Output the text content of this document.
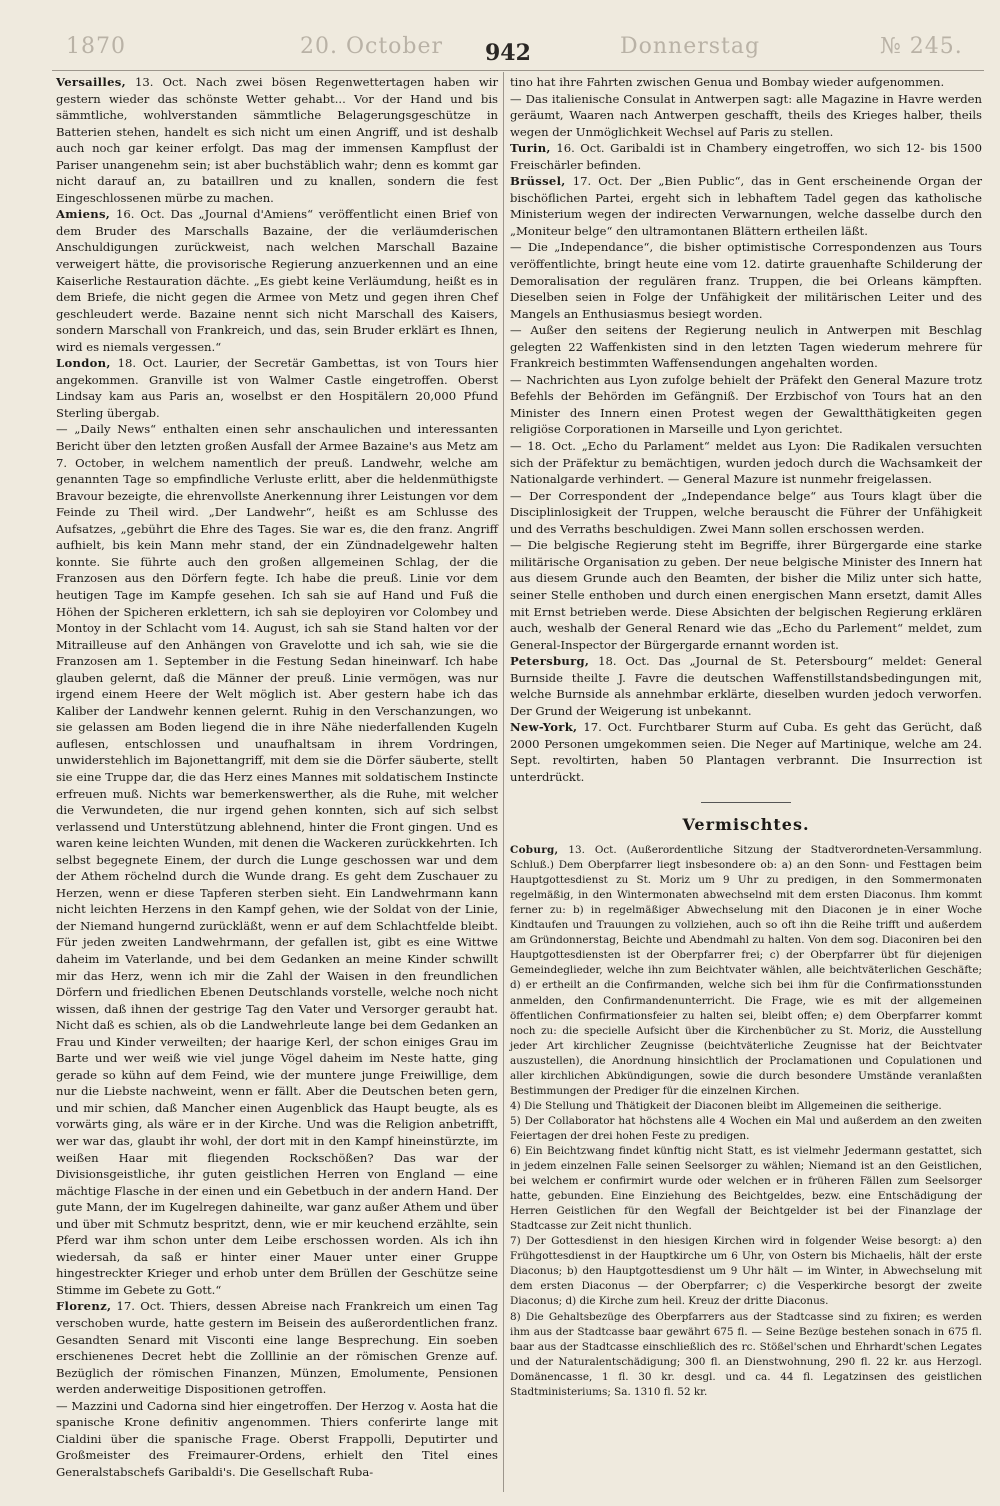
1870	20. October	Donnerstag	№ 245.
942

Versailles, 13. Oct. Nach zwei bösen Regenwettertagen haben wir gestern wieder das schönste Wetter gehabt... Vor der Hand und bis sämmtliche, wohlverstanden sämmtliche Belagerungsgeschütze in Batterien stehen, handelt es sich nicht um einen Angriff, und ist deshalb auch noch gar keiner erfolgt. Das mag der immensen Kampflust der Pariser unangenehm sein; ist aber buchstäblich wahr; denn es kommt gar nicht darauf an, zu bataillren und zu knallen, sondern die fest Eingeschlossenen mürbe zu machen.

Amiens, 16. Oct. Das „Journal d'Amiens“ veröffentlicht einen Brief von dem Bruder des Marschalls Bazaine, der die verläumderischen Anschuldigungen zurückweist, nach welchen Marschall Bazaine verweigert hätte, die provisorische Regierung anzuerkennen und an eine Kaiserliche Restauration dächte. „Es giebt keine Verläumdung, heißt es in dem Briefe, die nicht gegen die Armee von Metz und gegen ihren Chef geschleudert werde. Bazaine nennt sich nicht Marschall des Kaisers, sondern Marschall von Frankreich, und das, sein Bruder erklärt es Ihnen, wird es niemals vergessen.“

London, 18. Oct. Laurier, der Secretär Gambettas, ist von Tours hier angekommen. Granville ist von Walmer Castle eingetroffen. Oberst Lindsay kam aus Paris an, woselbst er den Hospitälern 20,000 Pfund Sterling übergab.

— „Daily News“ enthalten einen sehr anschaulichen und interessanten Bericht über den letzten großen Ausfall der Armee Bazaine's aus Metz am 7. October, in welchem namentlich der preuß. Landwehr, welche am genannten Tage so empfindliche Verluste erlitt, aber die heldenmüthigste Bravour bezeigte, die ehrenvollste Anerkennung ihrer Leistungen vor dem Feinde zu Theil wird. „Der Landwehr“, heißt es am Schlusse des Aufsatzes, „gebührt die Ehre des Tages. Sie war es, die den franz. Angriff aufhielt, bis kein Mann mehr stand, der ein Zündnadelgewehr halten konnte. Sie führte auch den großen allgemeinen Schlag, der die Franzosen aus den Dörfern fegte. Ich habe die preuß. Linie vor dem heutigen Tage im Kampfe gesehen. Ich sah sie auf Hand und Fuß die Höhen der Spicheren erklettern, ich sah sie deployiren vor Colombey und Montoy in der Schlacht vom 14. August, ich sah sie Stand halten vor der Mitrailleuse auf den Anhängen von Gravelotte und ich sah, wie sie die Franzosen am 1. September in die Festung Sedan hineinwarf. Ich habe glauben gelernt, daß die Männer der preuß. Linie vermögen, was nur irgend einem Heere der Welt möglich ist. Aber gestern habe ich das Kaliber der Landwehr kennen gelernt. Ruhig in den Verschanzungen, wo sie gelassen am Boden liegend die in ihre Nähe niederfallenden Kugeln auflesen, entschlossen und unaufhaltsam in ihrem Vordringen, unwiderstehlich im Bajonettangriff, mit dem sie die Dörfer säuberte, stellt sie eine Truppe dar, die das Herz eines Mannes mit soldatischem Instincte erfreuen muß. Nichts war bemerkenswerther, als die Ruhe, mit welcher die Verwundeten, die nur irgend gehen konnten, sich auf sich selbst verlassend und Unterstützung ablehnend, hinter die Front gingen. Und es waren keine leichten Wunden, mit denen die Wackeren zurückkehrten. Ich selbst begegnete Einem, der durch die Lunge geschossen war und dem der Athem röchelnd durch die Wunde drang. Es geht dem Zuschauer zu Herzen, wenn er diese Tapferen sterben sieht. Ein Landwehrmann kann nicht leichten Herzens in den Kampf gehen, wie der Soldat von der Linie, der Niemand hungernd zurückläßt, wenn er auf dem Schlachtfelde bleibt. Für jeden zweiten Landwehrmann, der gefallen ist, gibt es eine Wittwe daheim im Vaterlande, und bei dem Gedanken an meine Kinder schwillt mir das Herz, wenn ich mir die Zahl der Waisen in den freundlichen Dörfern und friedlichen Ebenen Deutschlands vorstelle, welche noch nicht wissen, daß ihnen der gestrige Tag den Vater und Versorger geraubt hat. Nicht daß es schien, als ob die Landwehrleute lange bei dem Gedanken an Frau und Kinder verweilten; der haarige Kerl, der schon einiges Grau im Barte und wer weiß wie viel junge Vögel daheim im Neste hatte, ging gerade so kühn auf dem Feind, wie der muntere junge Freiwillige, dem nur die Liebste nachweint, wenn er fällt. Aber die Deutschen beten gern, und mir schien, daß Mancher einen Augenblick das Haupt beugte, als es vorwärts ging, als wäre er in der Kirche. Und was die Religion anbetrifft, wer war das, glaubt ihr wohl, der dort mit in den Kampf hineinstürzte, im weißen Haar mit fliegenden Rockschößen? Das war der Divisionsgeistliche, ihr guten geistlichen Herren von England — eine mächtige Flasche in der einen und ein Gebetbuch in der andern Hand. Der gute Mann, der im Kugelregen dahineilte, war ganz außer Athem und über und über mit Schmutz bespritzt, denn, wie er mir keuchend erzählte, sein Pferd war ihm schon unter dem Leibe erschossen worden. Als ich ihn wiedersah, da saß er hinter einer Mauer unter einer Gruppe hingestreckter Krieger und erhob unter dem Brüllen der Geschütze seine Stimme im Gebete zu Gott.“

Florenz, 17. Oct. Thiers, dessen Abreise nach Frankreich um einen Tag verschoben wurde, hatte gestern im Beisein des außerordentlichen franz. Gesandten Senard mit Visconti eine lange Besprechung. Ein soeben erschienenes Decret hebt die Zolllinie an der römischen Grenze auf. Bezüglich der römischen Finanzen, Münzen, Emolumente, Pensionen werden anderweitige Dispositionen getroffen.

— Mazzini und Cadorna sind hier eingetroffen. Der Herzog v. Aosta hat die spanische Krone definitiv angenommen. Thiers conferirte lange mit Cialdini über die spanische Frage. Oberst Frappolli, Deputirter und Großmeister des Freimaurer-Ordens, erhielt den Titel eines Generalstabschefs Garibaldi's. Die Gesellschaft Ruba-

tino hat ihre Fahrten zwischen Genua und Bombay wieder aufgenommen.

— Das italienische Consulat in Antwerpen sagt: alle Magazine in Havre werden geräumt, Waaren nach Antwerpen geschafft, theils des Krieges halber, theils wegen der Unmöglichkeit Wechsel auf Paris zu stellen.

Turin, 16. Oct. Garibaldi ist in Chambery eingetroffen, wo sich 12- bis 1500 Freischärler befinden.

Brüssel, 17. Oct. Der „Bien Public“, das in Gent erscheinende Organ der bischöflichen Partei, ergeht sich in lebhaftem Tadel gegen das katholische Ministerium wegen der indirecten Verwarnungen, welche dasselbe durch den „Moniteur belge“ den ultramontanen Blättern ertheilen läßt.

— Die „Independance“, die bisher optimistische Correspondenzen aus Tours veröffentlichte, bringt heute eine vom 12. datirte grauenhafte Schilderung der Demoralisation der regulären franz. Truppen, die bei Orleans kämpften. Dieselben seien in Folge der Unfähigkeit der militärischen Leiter und des Mangels an Enthusiasmus besiegt worden.

— Außer den seitens der Regierung neulich in Antwerpen mit Beschlag gelegten 22 Waffenkisten sind in den letzten Tagen wiederum mehrere für Frankreich bestimmten Waffensendungen angehalten worden.

— Nachrichten aus Lyon zufolge behielt der Präfekt den General Mazure trotz Befehls der Behörden im Gefängniß. Der Erzbischof von Tours hat an den Minister des Innern einen Protest wegen der Gewaltthätigkeiten gegen religiöse Corporationen in Marseille und Lyon gerichtet.

— 18. Oct. „Echo du Parlament“ meldet aus Lyon: Die Radikalen versuchten sich der Präfektur zu bemächtigen, wurden jedoch durch die Wachsamkeit der Nationalgarde verhindert. — General Mazure ist nunmehr freigelassen.

— Der Correspondent der „Independance belge“ aus Tours klagt über die Disciplinlosigkeit der Truppen, welche berauscht die Führer der Unfähigkeit und des Verraths beschuldigen. Zwei Mann sollen erschossen werden.

— Die belgische Regierung steht im Begriffe, ihrer Bürgergarde eine starke militärische Organisation zu geben. Der neue belgische Minister des Innern hat aus diesem Grunde auch den Beamten, der bisher die Miliz unter sich hatte, seiner Stelle enthoben und durch einen energischen Mann ersetzt, damit Alles mit Ernst betrieben werde. Diese Absichten der belgischen Regierung erklären auch, weshalb der General Renard wie das „Echo du Parlement“ meldet, zum General-Inspector der Bürgergarde ernannt worden ist.

Petersburg, 18. Oct. Das „Journal de St. Petersbourg“ meldet: General Burnside theilte J. Favre die deutschen Waffenstillstandsbedingungen mit, welche Burnside als annehmbar erklärte, dieselben wurden jedoch verworfen. Der Grund der Weigerung ist unbekannt.

New-York, 17. Oct. Furchtbarer Sturm auf Cuba. Es geht das Gerücht, daß 2000 Personen umgekommen seien. Die Neger auf Martinique, welche am 24. Sept. revoltirten, haben 50 Plantagen verbrannt. Die Insurrection ist unterdrückt.

Vermischtes.

Coburg, 13. Oct. (Außerordentliche Sitzung der Stadtverordneten-Versammlung. Schluß.) Dem Oberpfarrer liegt insbesondere ob: a) an den Sonn- und Festtagen beim Hauptgottesdienst zu St. Moriz um 9 Uhr zu predigen, in den Sommermonaten regelmäßig, in den Wintermonaten abwechselnd mit dem ersten Diaconus. Ihm kommt ferner zu: b) in regelmäßiger Abwechselung mit den Diaconen je in einer Woche Kindtaufen und Trauungen zu vollziehen, auch so oft ihn die Reihe trifft und außerdem am Gründonnerstag, Beichte und Abendmahl zu halten. Von dem sog. Diaconiren bei den Hauptgottesdiensten ist der Oberpfarrer frei; c) der Oberpfarrer übt für diejenigen Gemeindeglieder, welche ihn zum Beichtvater wählen, alle beichtväterlichen Geschäfte; d) er ertheilt an die Confirmanden, welche sich bei ihm für die Confirmationsstunden anmelden, den Confirmandenunterricht. Die Frage, wie es mit der allgemeinen öffentlichen Confirmationsfeier zu halten sei, bleibt offen; e) dem Oberpfarrer kommt noch zu: die specielle Aufsicht über die Kirchenbücher zu St. Moriz, die Ausstellung jeder Art kirchlicher Zeugnisse (beichtväterliche Zeugnisse hat der Beichtvater auszustellen), die Anordnung hinsichtlich der Proclamationen und Copulationen und aller kirchlichen Abkündigungen, sowie die durch besondere Umstände veranlaßten Bestimmungen der Prediger für die einzelnen Kirchen.

4) Die Stellung und Thätigkeit der Diaconen bleibt im Allgemeinen die seitherige.

5) Der Collaborator hat höchstens alle 4 Wochen ein Mal und außerdem an den zweiten Feiertagen der drei hohen Feste zu predigen.

6) Ein Beichtzwang findet künftig nicht Statt, es ist vielmehr Jedermann gestattet, sich in jedem einzelnen Falle seinen Seelsorger zu wählen; Niemand ist an den Geistlichen, bei welchem er confirmirt wurde oder welchen er in früheren Fällen zum Seelsorger hatte, gebunden. Eine Einziehung des Beichtgeldes, bezw. eine Entschädigung der Herren Geistlichen für den Wegfall der Beichtgelder ist bei der Finanzlage der Stadtcasse zur Zeit nicht thunlich.

7) Der Gottesdienst in den hiesigen Kirchen wird in folgender Weise besorgt: a) den Frühgottesdienst in der Hauptkirche um 6 Uhr, von Ostern bis Michaelis, hält der erste Diaconus; b) den Hauptgottesdienst um 9 Uhr hält — im Winter, in Abwechselung mit dem ersten Diaconus — der Oberpfarrer; c) die Vesperkirche besorgt der zweite Diaconus; d) die Kirche zum heil. Kreuz der dritte Diaconus.

8) Die Gehaltsbezüge des Oberpfarrers aus der Stadtcasse sind zu fixiren; es werden ihm aus der Stadtcasse baar gewährt 675 fl. — Seine Bezüge bestehen sonach in 675 fl. baar aus der Stadtcasse einschließlich des rc. Stößel'schen und Ehrhardt'schen Legates und der Naturalentschädigung; 300 fl. an Dienstwohnung, 290 fl. 22 kr. aus Herzogl. Domänencasse, 1 fl. 30 kr. desgl. und ca. 44 fl. Legatzinsen des geistlichen Stadtministeriums; Sa. 1310 fl. 52 kr.
